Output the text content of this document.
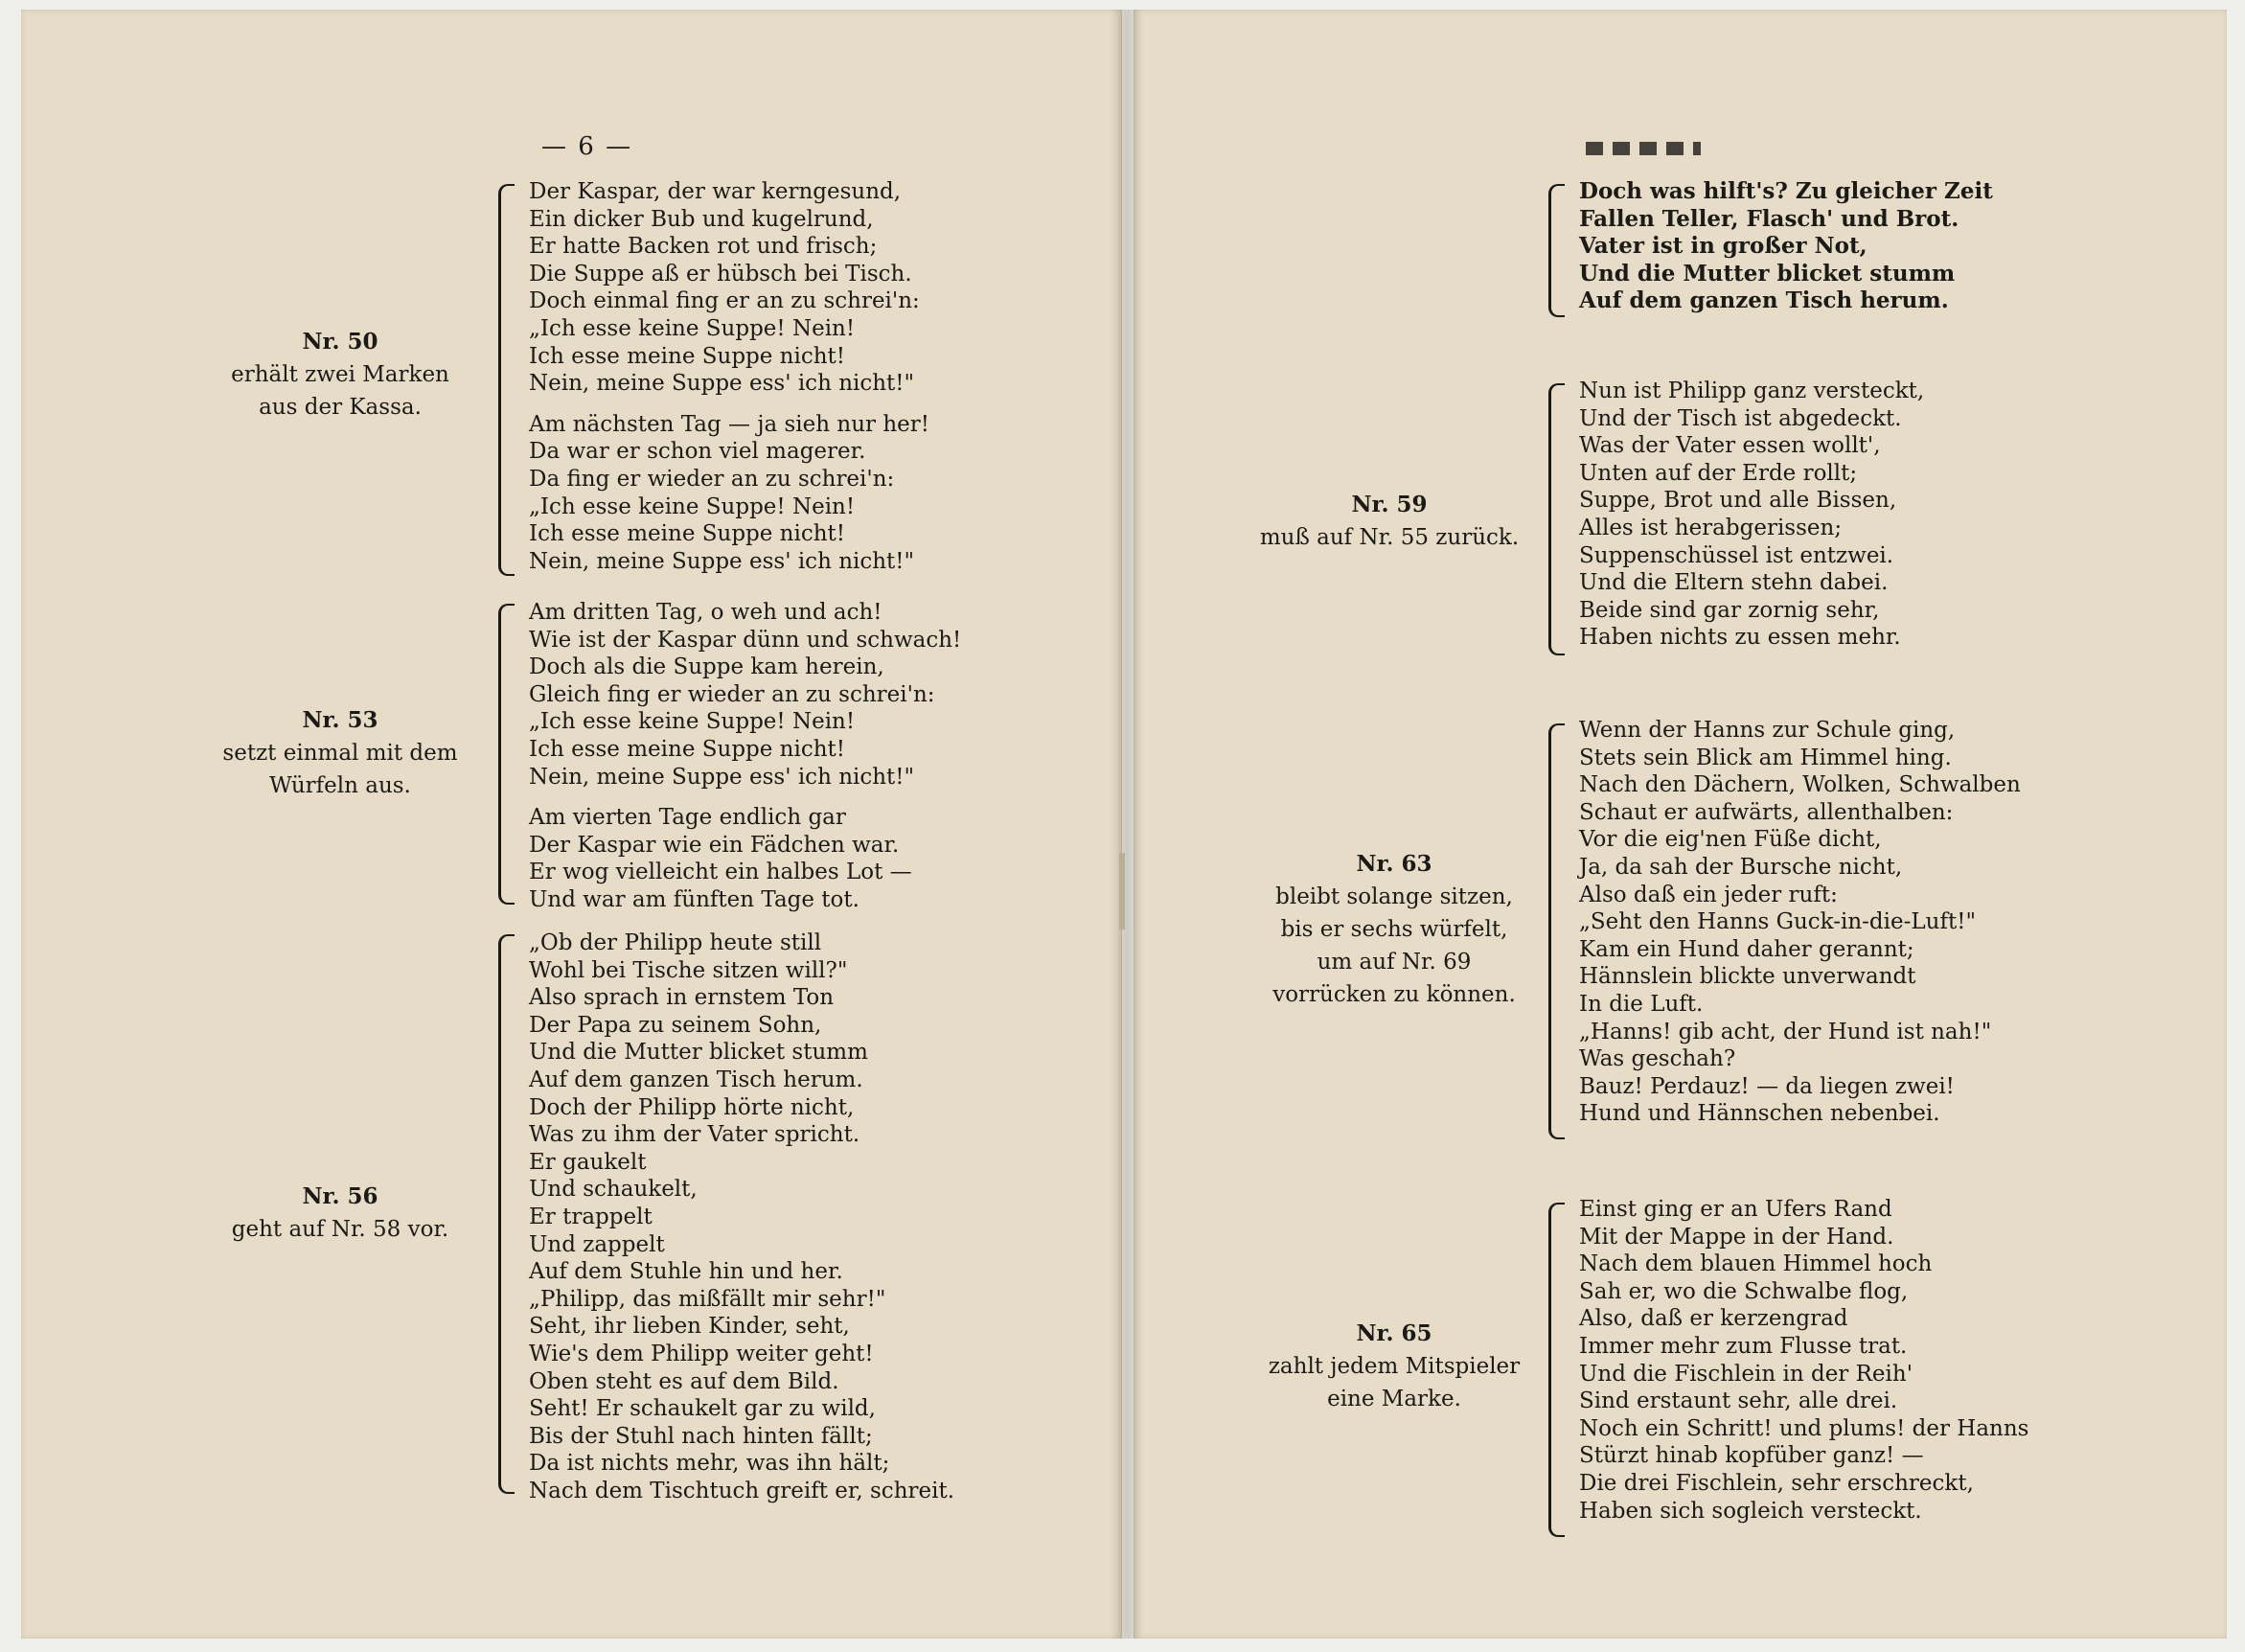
— 6 —
Nr. 50
erhält zwei Marken
aus der Kassa.
Der Kaspar, der war kerngesund,
Ein dicker Bub und kugelrund,
Er hatte Backen rot und frisch;
Die Suppe aß er hübsch bei Tisch.
Doch einmal fing er an zu schrei'n:
„Ich esse keine Suppe! Nein!
Ich esse meine Suppe nicht!
Nein, meine Suppe ess' ich nicht!"
Am nächsten Tag — ja sieh nur her!
Da war er schon viel magerer.
Da fing er wieder an zu schrei'n:
„Ich esse keine Suppe! Nein!
Ich esse meine Suppe nicht!
Nein, meine Suppe ess' ich nicht!"
Nr. 53
setzt einmal mit dem
Würfeln aus.
Am dritten Tag, o weh und ach!
Wie ist der Kaspar dünn und schwach!
Doch als die Suppe kam herein,
Gleich fing er wieder an zu schrei'n:
„Ich esse keine Suppe! Nein!
Ich esse meine Suppe nicht!
Nein, meine Suppe ess' ich nicht!"
Am vierten Tage endlich gar
Der Kaspar wie ein Fädchen war.
Er wog vielleicht ein halbes Lot —
Und war am fünften Tage tot.
Nr. 56
geht auf Nr. 58 vor.
„Ob der Philipp heute still
Wohl bei Tische sitzen will?"
Also sprach in ernstem Ton
Der Papa zu seinem Sohn,
Und die Mutter blicket stumm
Auf dem ganzen Tisch herum.
Doch der Philipp hörte nicht,
Was zu ihm der Vater spricht.
Er gaukelt
Und schaukelt,
Er trappelt
Und zappelt
Auf dem Stuhle hin und her.
„Philipp, das mißfällt mir sehr!"
Seht, ihr lieben Kinder, seht,
Wie's dem Philipp weiter geht!
Oben steht es auf dem Bild.
Seht! Er schaukelt gar zu wild,
Bis der Stuhl nach hinten fällt;
Da ist nichts mehr, was ihn hält;
Nach dem Tischtuch greift er, schreit.
Doch was hilft's? Zu gleicher Zeit
Fallen Teller, Flasch' und Brot.
Vater ist in großer Not,
Und die Mutter blicket stumm
Auf dem ganzen Tisch herum.
Nr. 59
muß auf Nr. 55 zurück.
Nun ist Philipp ganz versteckt,
Und der Tisch ist abgedeckt.
Was der Vater essen wollt',
Unten auf der Erde rollt;
Suppe, Brot und alle Bissen,
Alles ist herabgerissen;
Suppenschüssel ist entzwei.
Und die Eltern stehn dabei.
Beide sind gar zornig sehr,
Haben nichts zu essen mehr.
Nr. 63
bleibt solange sitzen,
bis er sechs würfelt,
um auf Nr. 69
vorrücken zu können.
Wenn der Hanns zur Schule ging,
Stets sein Blick am Himmel hing.
Nach den Dächern, Wolken, Schwalben
Schaut er aufwärts, allenthalben:
Vor die eig'nen Füße dicht,
Ja, da sah der Bursche nicht,
Also daß ein jeder ruft:
„Seht den Hanns Guck-in-die-Luft!"
Kam ein Hund daher gerannt;
Hännslein blickte unverwandt
In die Luft.
„Hanns! gib acht, der Hund ist nah!"
Was geschah?
Bauz! Perdauz! — da liegen zwei!
Hund und Hännschen nebenbei.
Nr. 65
zahlt jedem Mitspieler
eine Marke.
Einst ging er an Ufers Rand
Mit der Mappe in der Hand.
Nach dem blauen Himmel hoch
Sah er, wo die Schwalbe flog,
Also, daß er kerzengrad
Immer mehr zum Flusse trat.
Und die Fischlein in der Reih'
Sind erstaunt sehr, alle drei.
Noch ein Schritt! und plums! der Hanns
Stürzt hinab kopfüber ganz! —
Die drei Fischlein, sehr erschreckt,
Haben sich sogleich versteckt.
